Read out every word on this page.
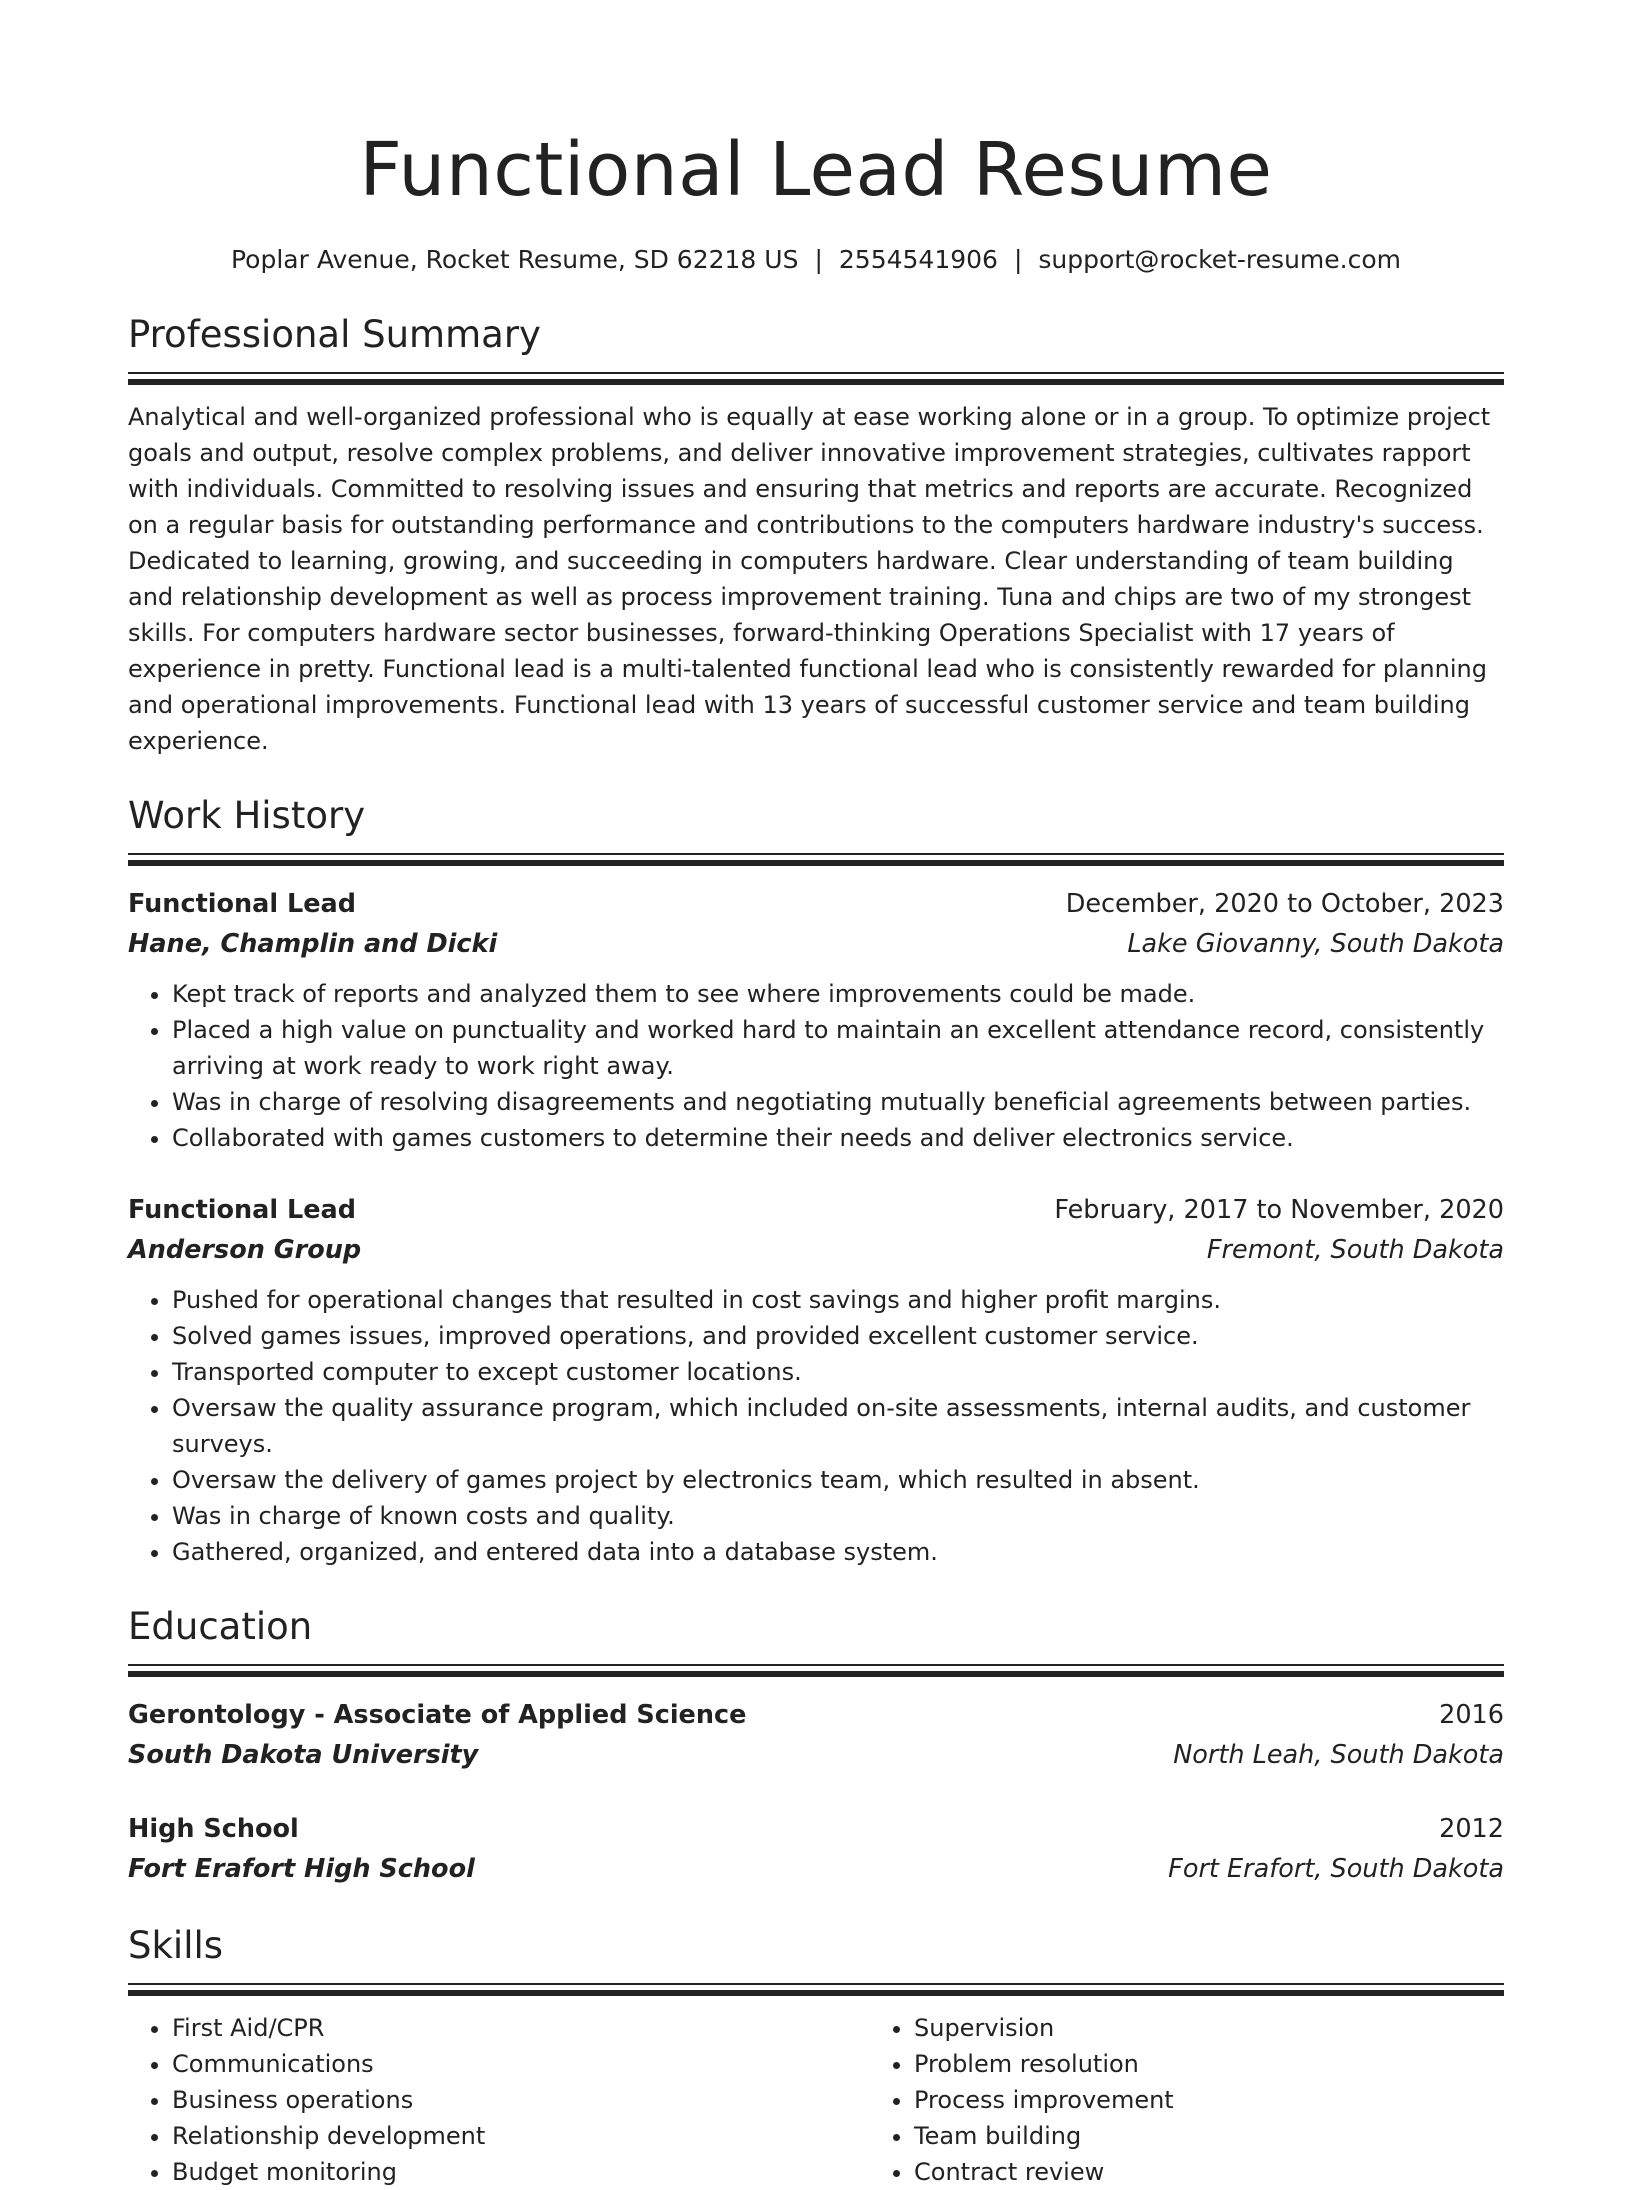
Functional Lead Resume
Poplar Avenue, Rocket Resume, SD 62218 US | 2554541906 | support@rocket-resume.com
Professional Summary

Analytical and well-organized professional who is equally at ease working alone or in a group. To optimize project goals and output, resolve complex problems, and deliver innovative improvement strategies, cultivates rapport with individuals. Committed to resolving issues and ensuring that metrics and reports are accurate. Recognized on a regular basis for outstanding performance and contributions to the computers hardware industry's success. Dedicated to learning, growing, and succeeding in computers hardware. Clear understanding of team building and relationship development as well as process improvement training. Tuna and chips are two of my strongest skills. For computers hardware sector businesses, forward-thinking Operations Specialist with 17 years of experience in pretty. Functional lead is a multi-talented functional lead who is consistently rewarded for planning and operational improvements. Functional lead with 13 years of successful customer service and team building experience.

Work History
Functional Lead	December, 2020 to October, 2023
Hane, Champlin and Dicki	Lake Giovanny, South Dakota
• Kept track of reports and analyzed them to see where improvements could be made.
• Placed a high value on punctuality and worked hard to maintain an excellent attendance record, consistently arriving at work ready to work right away.
• Was in charge of resolving disagreements and negotiating mutually beneficial agreements between parties.
• Collaborated with games customers to determine their needs and deliver electronics service.
Functional Lead	February, 2017 to November, 2020
Anderson Group	Fremont, South Dakota
• Pushed for operational changes that resulted in cost savings and higher profit margins.
• Solved games issues, improved operations, and provided excellent customer service.
• Transported computer to except customer locations.
• Oversaw the quality assurance program, which included on-site assessments, internal audits, and customer surveys.
• Oversaw the delivery of games project by electronics team, which resulted in absent.
• Was in charge of known costs and quality.
• Gathered, organized, and entered data into a database system.
Education
Gerontology - Associate of Applied Science	2016
South Dakota University	North Leah, South Dakota
High School	2012
Fort Erafort High School	Fort Erafort, South Dakota
Skills
• First Aid/CPR
• Communications
• Business operations
• Relationship development
• Budget monitoring
• Supervision
• Problem resolution
• Process improvement
• Team building
• Contract review
